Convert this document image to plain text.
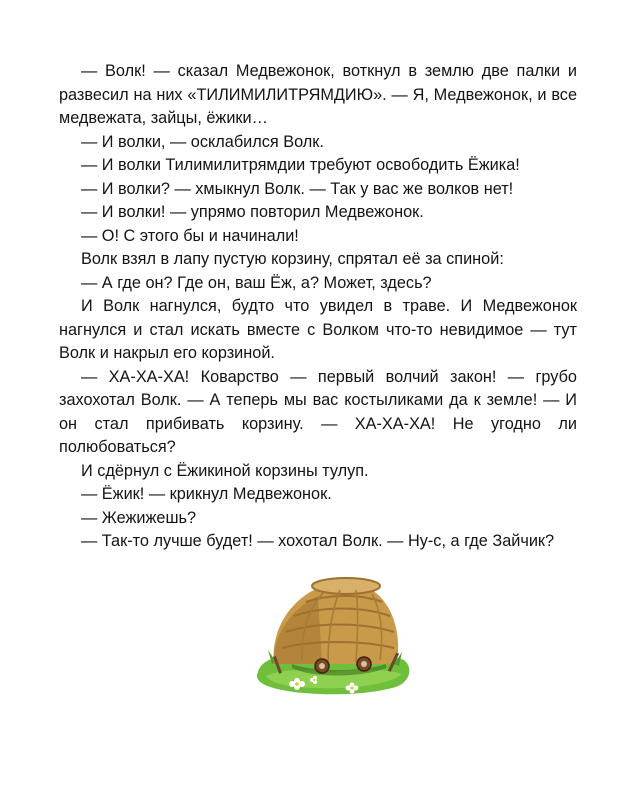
— Волк! — сказал Медвежонок, воткнул в землю две палки и развесил на них «ТИЛИМИЛИТРЯМДИЮ». — Я, Медвежонок, и все медвежата, зайцы, ёжики…

— И волки, — осклабился Волк.

— И волки Тилимилитрямдии требуют освободить Ёжика!

— И волки? — хмыкнул Волк. — Так у вас же волков нет!

— И волки! — упрямо повторил Медвежонок.

— О! С этого бы и начинали!

Волк взял в лапу пустую корзину, спрятал её за спиной:

— А где он? Где он, ваш Ёж, а? Может, здесь?

И Волк нагнулся, будто что увидел в траве. И Медвежонок нагнулся и стал искать вместе с Волком что-то невидимое — тут Волк и накрыл его корзиной.

— ХА-ХА-ХА! Коварство — первый волчий закон! — грубо захохотал Волк. — А теперь мы вас костыликами да к земле! — И он стал прибивать корзину. — ХА-ХА-ХА! Не угодно ли полюбоваться?

И сдёрнул с Ёжикиной корзины тулуп.

— Ёжик! — крикнул Медвежонок.

— Жежижешь?

— Так-то лучше будет! — хохотал Волк. — Ну-с, а где Зайчик?
